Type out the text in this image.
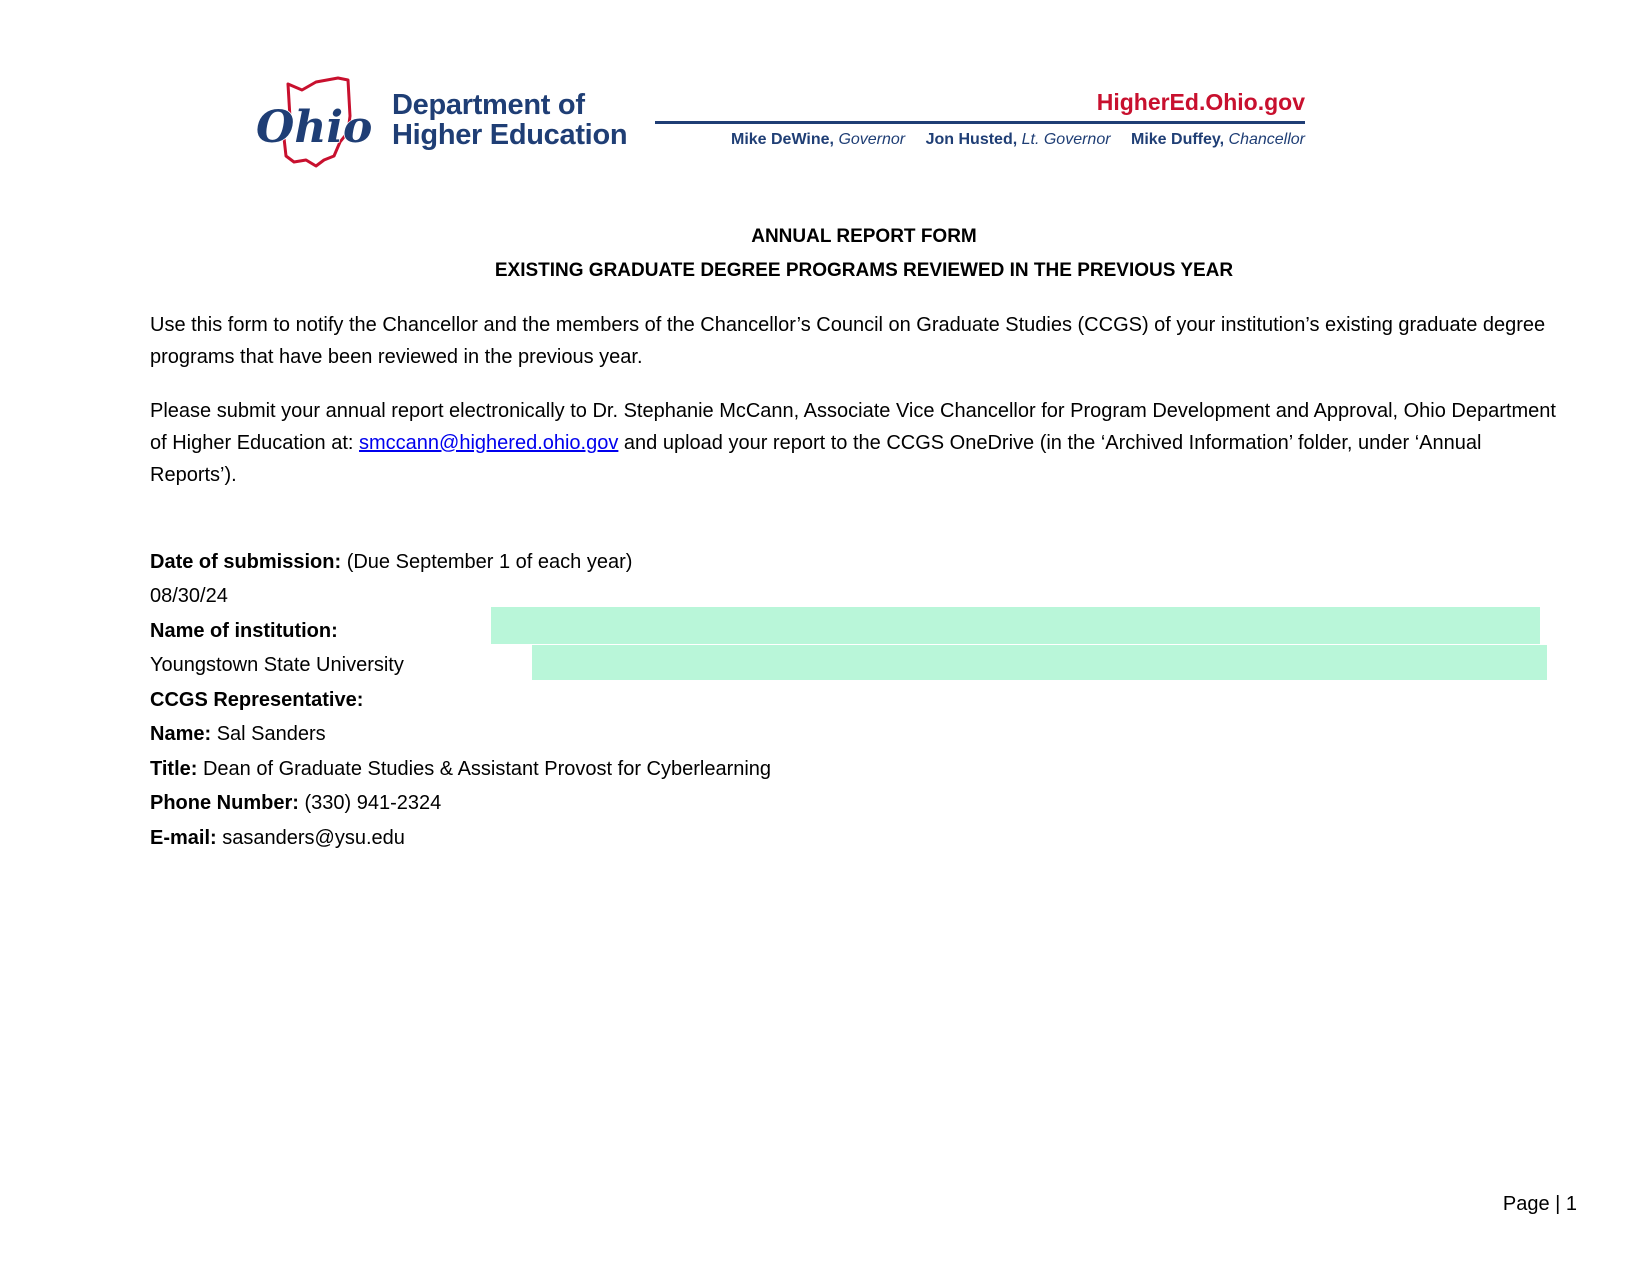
Ohio Department of
Higher Education
HigherEd.Ohio.gov
Mike DeWine, Governor Jon Husted, Lt. Governor Mike Duffey, Chancellor
ANNUAL REPORT FORM
EXISTING GRADUATE DEGREE PROGRAMS REVIEWED IN THE PREVIOUS YEAR

Use this form to notify the Chancellor and the members of the Chancellor’s Council on Graduate Studies (CCGS) of your institution’s existing graduate degree programs that have been reviewed in the previous year.

Please submit your annual report electronically to Dr. Stephanie McCann, Associate Vice Chancellor for Program Development and Approval, Ohio Department of Higher Education at: smccann@highered.ohio.gov and upload your report to the CCGS OneDrive (in the ‘Archived Information’ folder, under ‘Annual Reports’).

Date of submission: (Due September 1 of each year)
08/30/24
Name of institution:
Youngstown State University
CCGS Representative:
Name: Sal Sanders
Title: Dean of Graduate Studies & Assistant Provost for Cyberlearning
Phone Number: (330) 941-2324
E-mail: sasanders@ysu.edu
Page | 1
